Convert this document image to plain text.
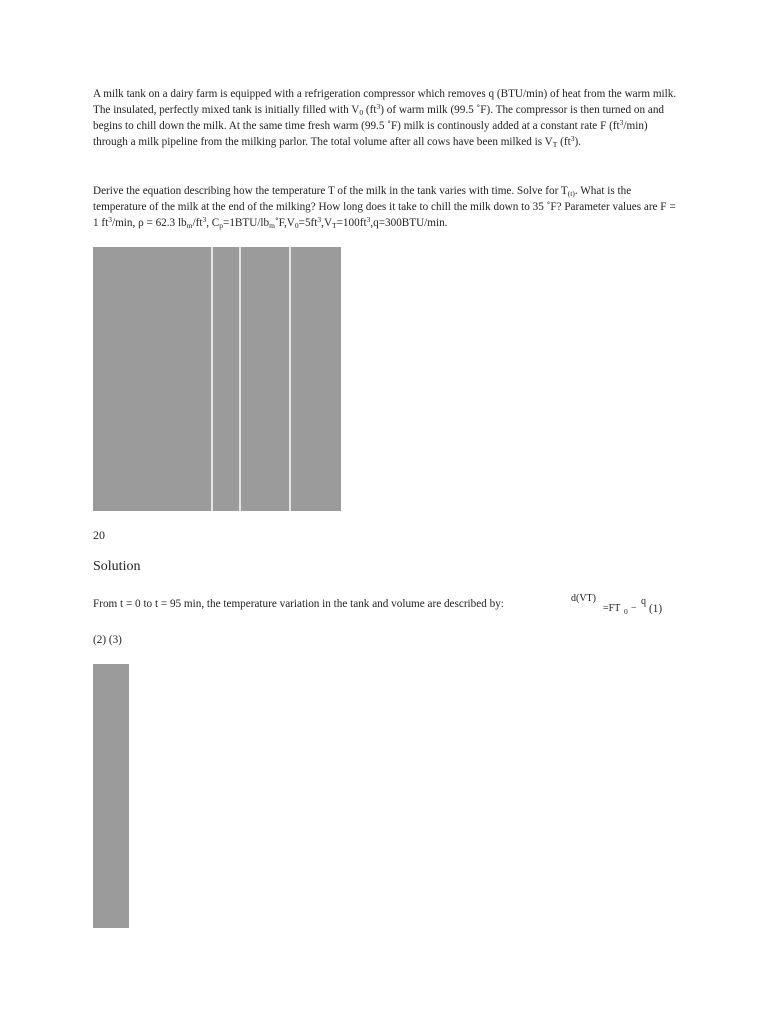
A milk tank on a dairy farm is equipped with a refrigeration compressor which removes q (BTU/min) of heat from the warm milk. The insulated, perfectly mixed tank is initially filled with $V_0$ $(ft^3)$ of warm milk (99.5 ˚F). The compressor is then turned on and begins to chill down the milk. At the same time fresh warm (99.5 ˚F) milk is continously added at a constant rate F $(ft^3/\min)$ through a milk pipeline from the milking parlor. The total volume after all cows have been milked is $V_T$ $(ft^3)$.

Derive the equation describing how the temperature T of the milk in the tank varies with time. Solve for $T_{(t)}$. What is the temperature of the milk at the end of the milking? How long does it take to chill the milk down to 35 ˚F? Parameter values are F = 1 $ft^3/\min$, ρ = 62.3 $lb_m/ft^3$, $C_p=1BTU/lb_m˚F,V_0=5ft^3,V_T=100ft^3,q=300BTU/\min$.

20
Solution
From t = 0 to t = 95 min, the temperature variation in the tank and volume are described by:	d(VT)
=FT 0 −
q
(1)
(2) (3)
